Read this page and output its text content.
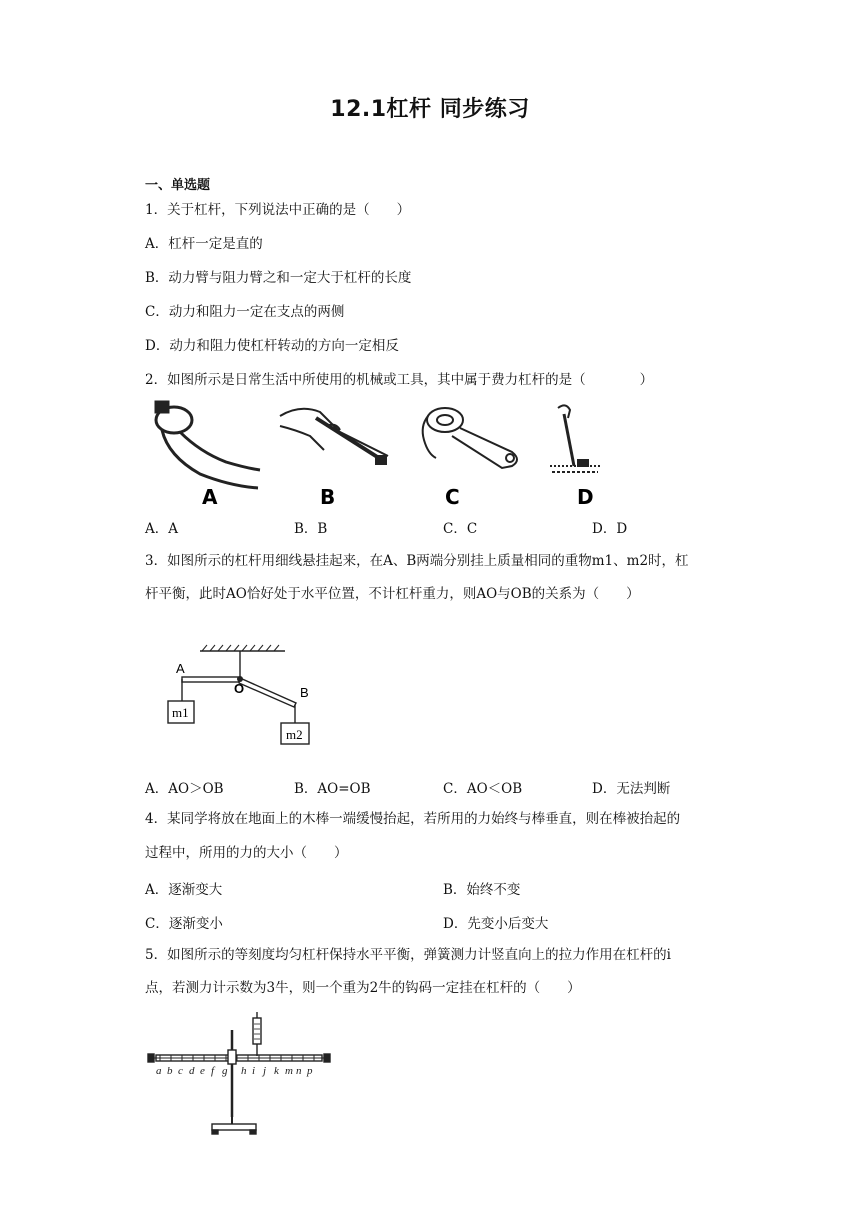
12.1杠杆 同步练习
一、单选题
1．关于杠杆，下列说法中正确的是（　　）
A．杠杆一定是直的
B．动力臂与阻力臂之和一定大于杠杆的长度
C．动力和阻力一定在支点的两侧
D．动力和阻力使杠杆转动的方向一定相反
2．如图所示是日常生活中所使用的机械或工具，其中属于费力杠杆的是（　　　　）
A	B	C	D
A．A	B．B	C．C	D．D
3．如图所示的杠杆用细线悬挂起来，在A、B两端分别挂上质量相同的重物m1、m2时，杠
杆平衡，此时AO恰好处于水平位置，不计杠杆重力，则AO与OB的关系为（　　）
A
O	B
m1
m2
A．AO＞OB	B．AO=OB	C．AO＜OB	D．无法判断
4．某同学将放在地面上的木棒一端缓慢抬起，若所用的力始终与棒垂直，则在棒被抬起的
过程中，所用的力的大小（　　）
A．逐渐变大	B．始终不变
C．逐渐变小	D．先变小后变大
5．如图所示的等刻度均匀杠杆保持水平平衡，弹簧测力计竖直向上的拉力作用在杠杆的i
点，若测力计示数为3牛，则一个重为2牛的钩码一定挂在杠杆的（　　）
a b c d e f g h i j k m n p
